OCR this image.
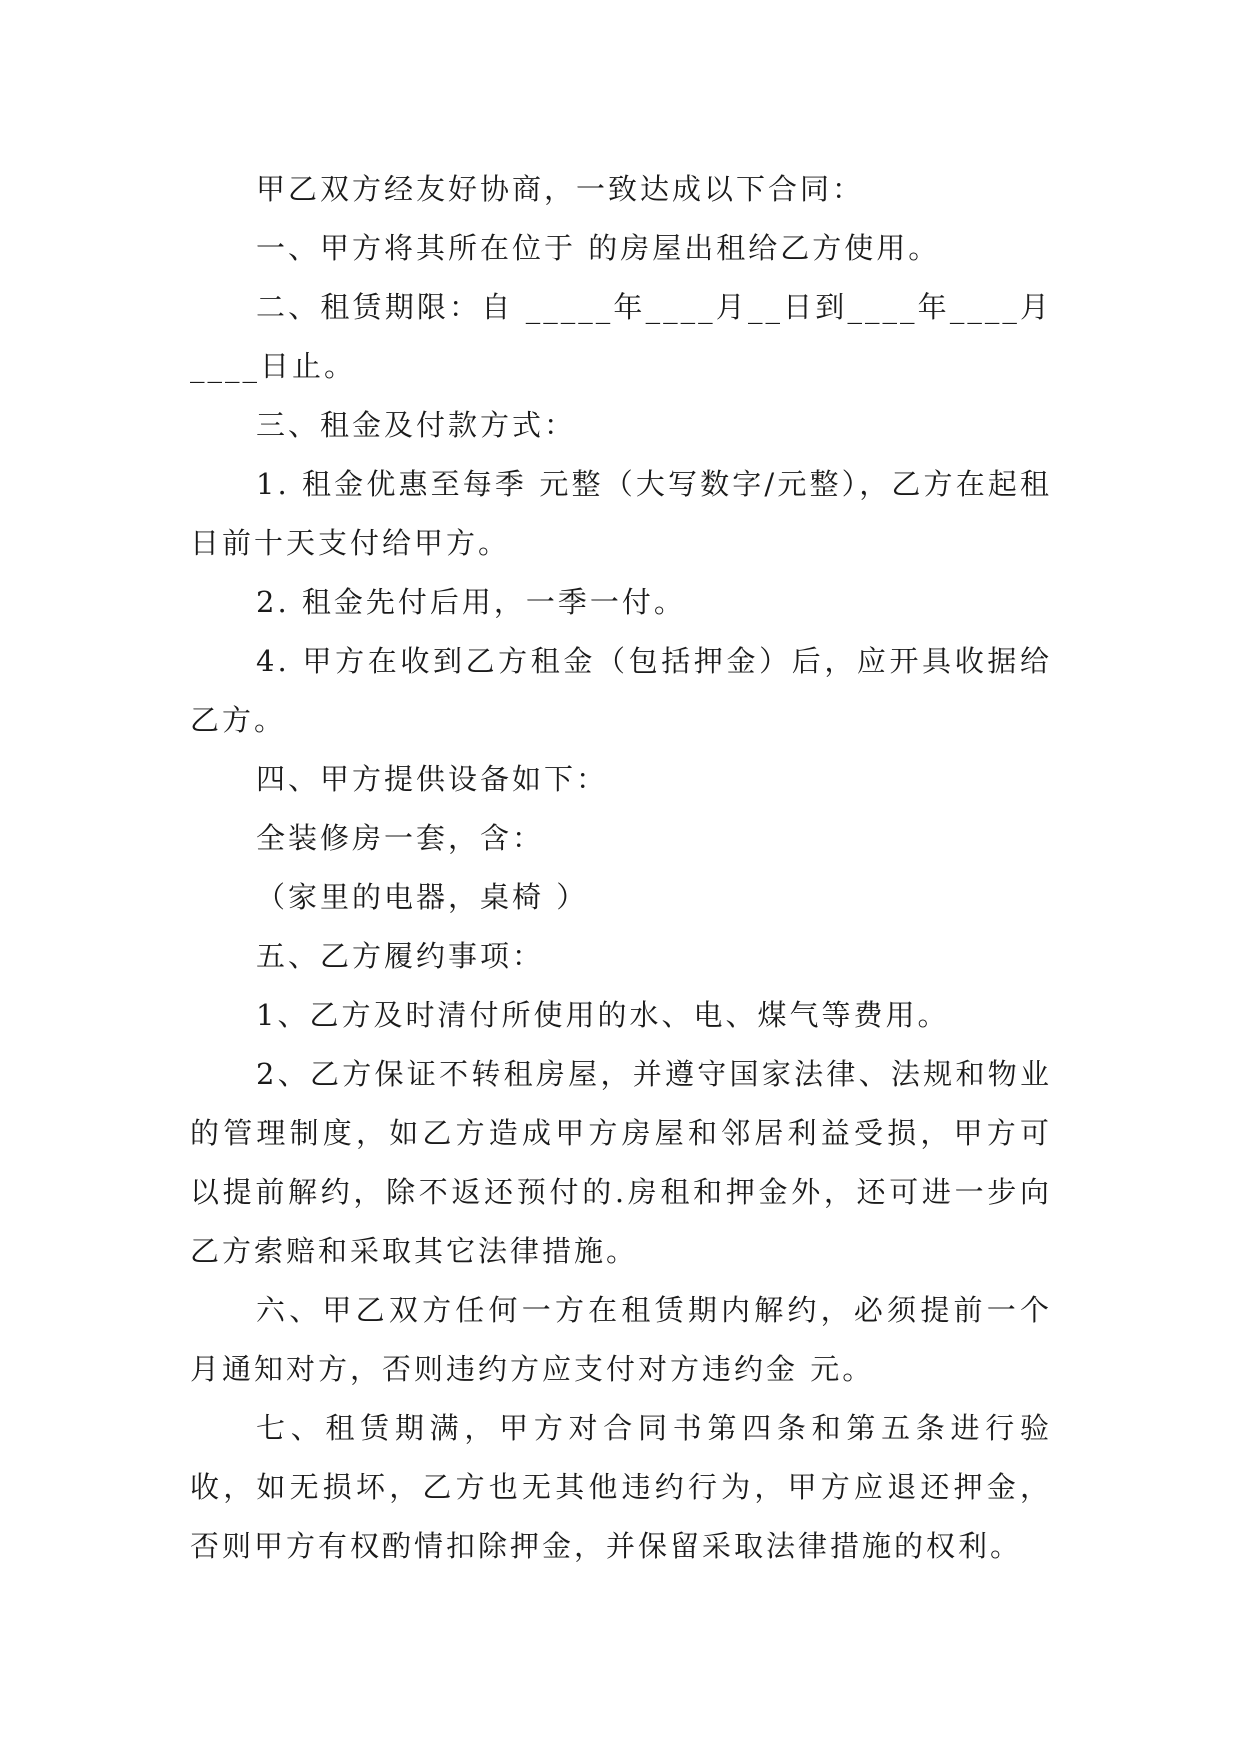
甲乙双方经友好协商，一致达成以下合同：

一、甲方将其所在位于 的房屋出租给乙方使用。

二、租赁期限：自 _____年____月__日到____年____月____日止。

三、租金及付款方式：

1. 租金优惠至每季 元整（大写数字/元整），乙方在起租日前十天支付给甲方。

2. 租金先付后用，一季一付。

4. 甲方在收到乙方租金（包括押金）后，应开具收据给乙方。

四、甲方提供设备如下：

全装修房一套，含：

（家里的电器，桌椅 ）

五、乙方履约事项：

1、乙方及时清付所使用的水、电、煤气等费用。

2、乙方保证不转租房屋，并遵守国家法律、法规和物业的管理制度，如乙方造成甲方房屋和邻居利益受损，甲方可以提前解约，除不返还预付的.房租和押金外，还可进一步向乙方索赔和采取其它法律措施。

六、甲乙双方任何一方在租赁期内解约，必须提前一个月通知对方，否则违约方应支付对方违约金 元。

七、租赁期满，甲方对合同书第四条和第五条进行验收，如无损坏，乙方也无其他违约行为，甲方应退还押金，否则甲方有权酌情扣除押金，并保留采取法律措施的权利。
